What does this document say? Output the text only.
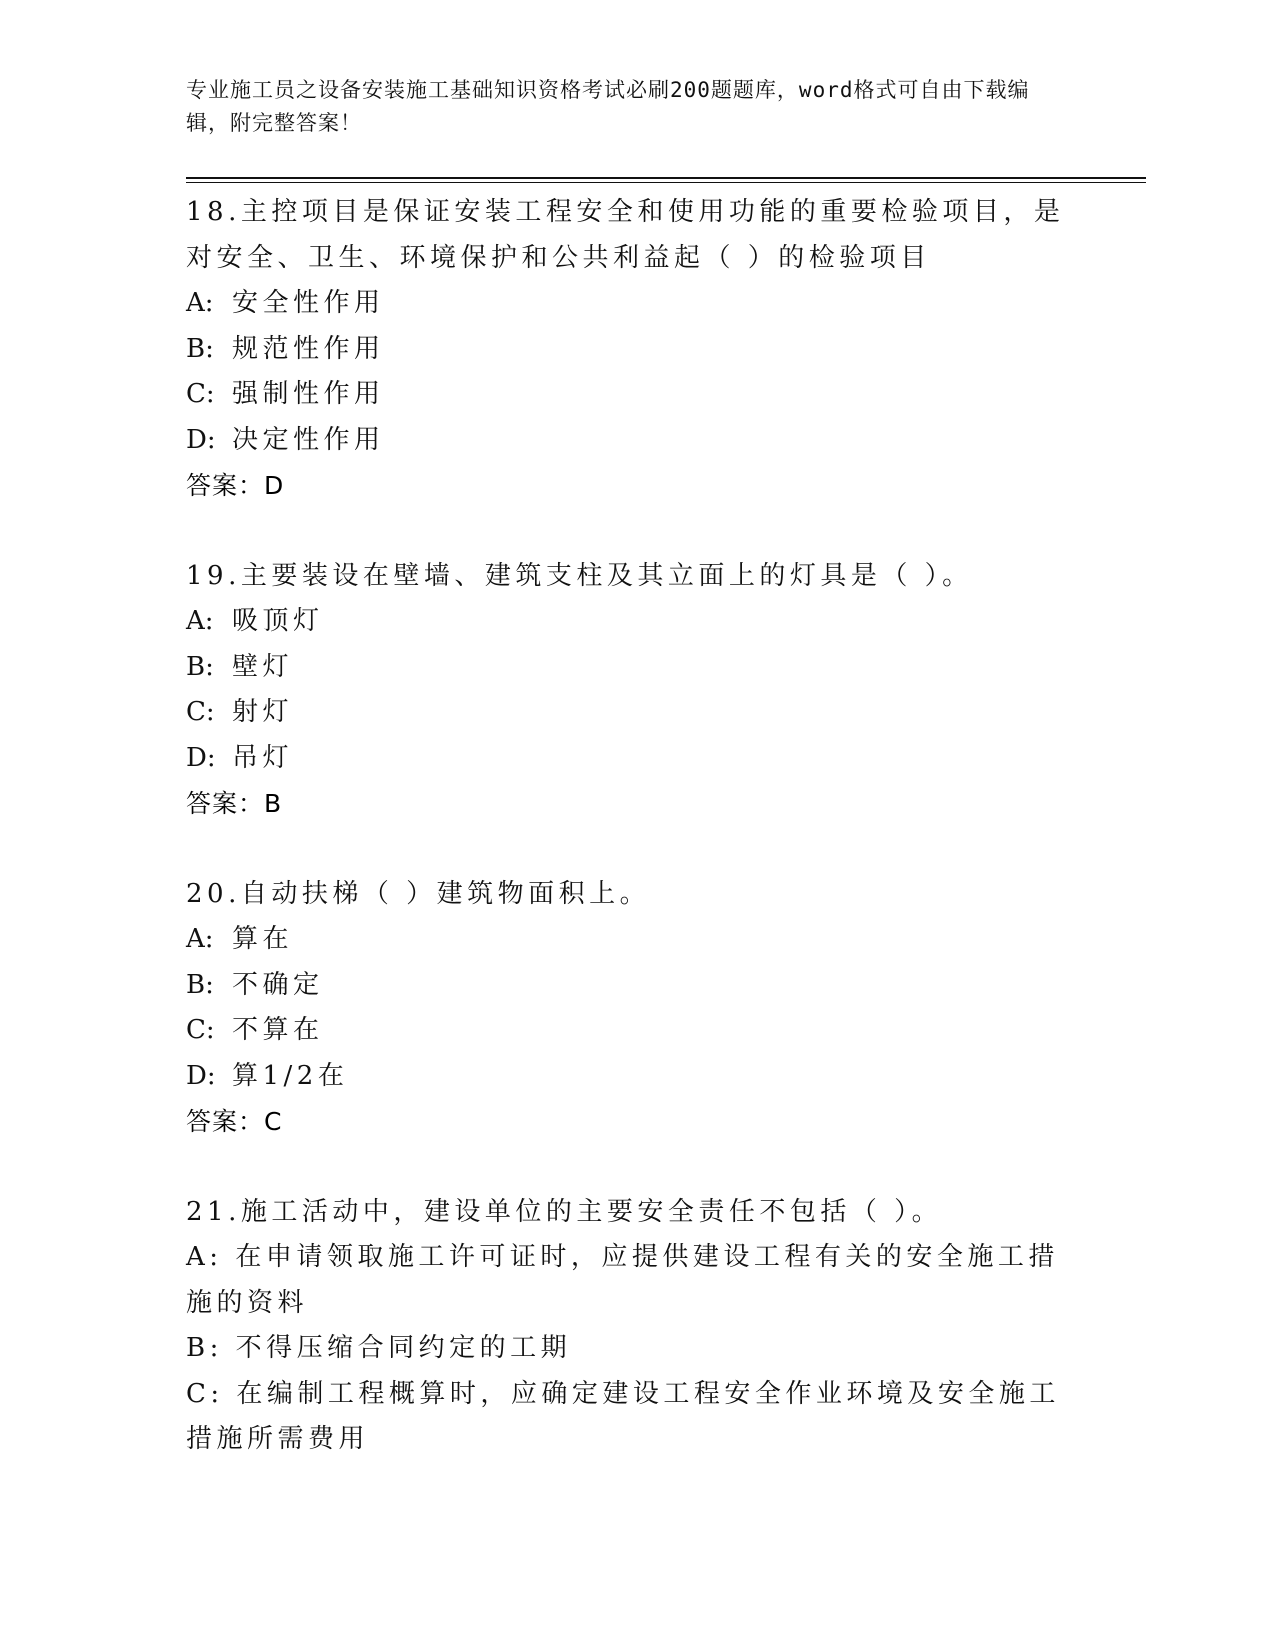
专业施工员之设备安装施工基础知识资格考试必刷200题题库，word格式可自由下载编辑，附完整答案！
18.主控项目是保证安装工程安全和使用功能的重要检验项目，是对安全、卫生、环境保护和公共利益起（ ）的检验项目
A: 安全性作用
B: 规范性作用
C: 强制性作用
D: 决定性作用
答案：D
19.主要装设在壁墙、建筑支柱及其立面上的灯具是（ ）。
A: 吸顶灯
B: 壁灯
C: 射灯
D: 吊灯
答案：B
20.自动扶梯（ ）建筑物面积上。
A: 算在
B: 不确定
C: 不算在
D: 算1/2在
答案：C
21.施工活动中，建设单位的主要安全责任不包括（ ）。
A: 在申请领取施工许可证时，应提供建设工程有关的安全施工措施的资料
B: 不得压缩合同约定的工期
C: 在编制工程概算时，应确定建设工程安全作业环境及安全施工措施所需费用
